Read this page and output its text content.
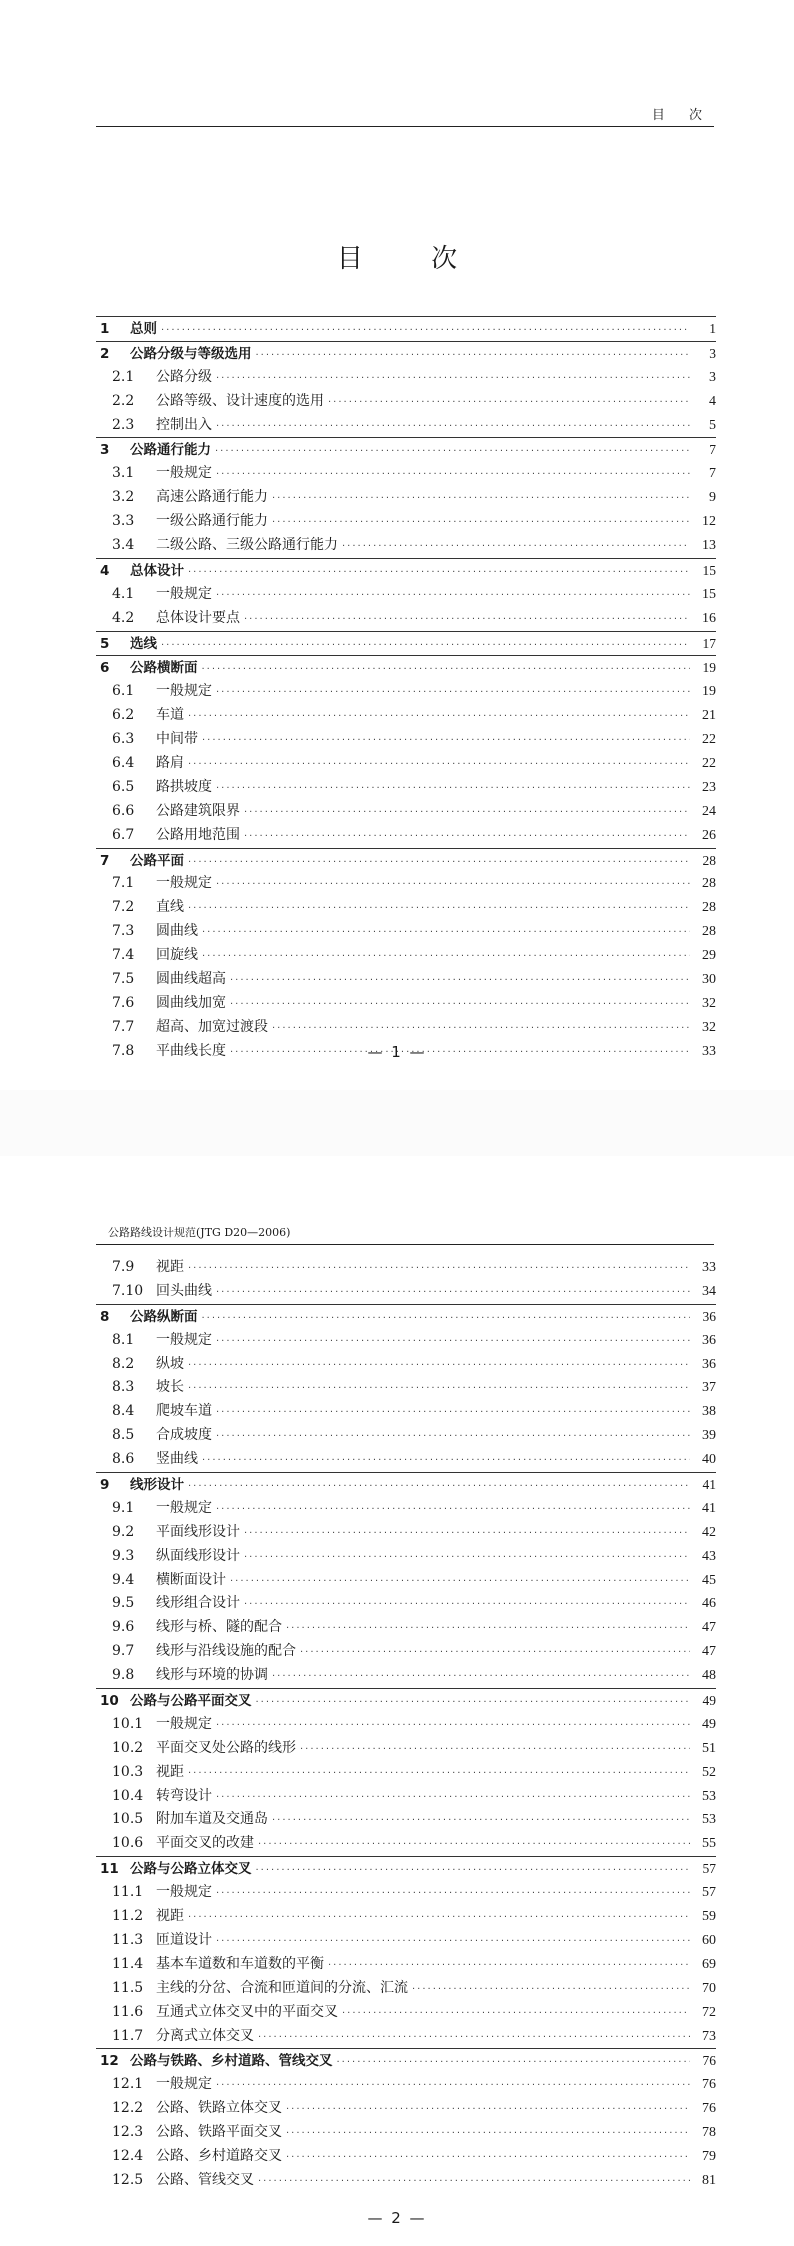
目 次
目 次
1	总则 ·····	1
2	公路分级与等级选用 ·····	3
2.1	公路分级 ·····	3
2.2	公路等级、设计速度的选用 ·····	4
2.3	控制出入 ·····	5
3	公路通行能力 ·····	7
3.1	一般规定 ·····	7
3.2	高速公路通行能力 ·····	9
3.3	一级公路通行能力 ·····	12
3.4	二级公路、三级公路通行能力 ·····	13
4	总体设计 ·····	15
4.1	一般规定 ·····	15
4.2	总体设计要点 ·····	16
5	选线 ·····	17
6	公路横断面 ·····	19
6.1	一般规定 ·····	19
6.2	车道 ·····	21
6.3	中间带 ·····	22
6.4	路肩 ·····	22
6.5	路拱坡度 ·····	23
6.6	公路建筑限界 ·····	24
6.7	公路用地范围 ·····	26
7	公路平面 ·····	28
7.1	一般规定 ·····	28
7.2	直线 ·····	28
7.3	圆曲线 ·····	28
7.4	回旋线 ·····	29
7.5	圆曲线超高 ·····	30
7.6	圆曲线加宽 ·····	32
7.7	超高、加宽过渡段 ·····	32
7.8	平曲线长度 ·····	33
— 1 —
公路路线设计规范(JTG D20—2006)
7.9	视距 ·····	33
7.10 回头曲线 ·····	34
8	公路纵断面 ·····	36
8.1	一般规定 ·····	36
8.2	纵坡 ·····	36
8.3	坡长 ·····	37
8.4	爬坡车道 ·····	38
8.5	合成坡度 ·····	39
8.6	竖曲线 ·····	40
9	线形设计 ·····	41
9.1	一般规定 ·····	41
9.2	平面线形设计 ·····	42
9.3	纵面线形设计 ·····	43
9.4	横断面设计 ·····	45
9.5	线形组合设计 ·····	46
9.6	线形与桥、隧的配合 ·····	47
9.7	线形与沿线设施的配合 ·····	47
9.8	线形与环境的协调 ·····	48
10 公路与公路平面交叉 ·····	49
10.1 一般规定 ·····	49
10.2 平面交叉处公路的线形 ·····	51
10.3 视距 ·····	52
10.4 转弯设计 ·····	53
10.5 附加车道及交通岛 ·····	53
10.6 平面交叉的改建 ·····	55
11 公路与公路立体交叉 ·····	57
11.1 一般规定 ·····	57
11.2 视距 ·····	59
11.3 匝道设计 ·····	60
11.4 基本车道数和车道数的平衡 ·····	69
11.5 主线的分岔、合流和匝道间的分流、汇流 ·····	70
11.6 互通式立体交叉中的平面交叉 ·····	72
11.7 分离式立体交叉 ·····	73
12 公路与铁路、乡村道路、管线交叉 ·····	76
12.1 一般规定 ·····	76
12.2 公路、铁路立体交叉 ·····	76
12.3 公路、铁路平面交叉 ·····	78
12.4 公路、乡村道路交叉 ·····	79
12.5 公路、管线交叉 ·····	81
— 2 —
